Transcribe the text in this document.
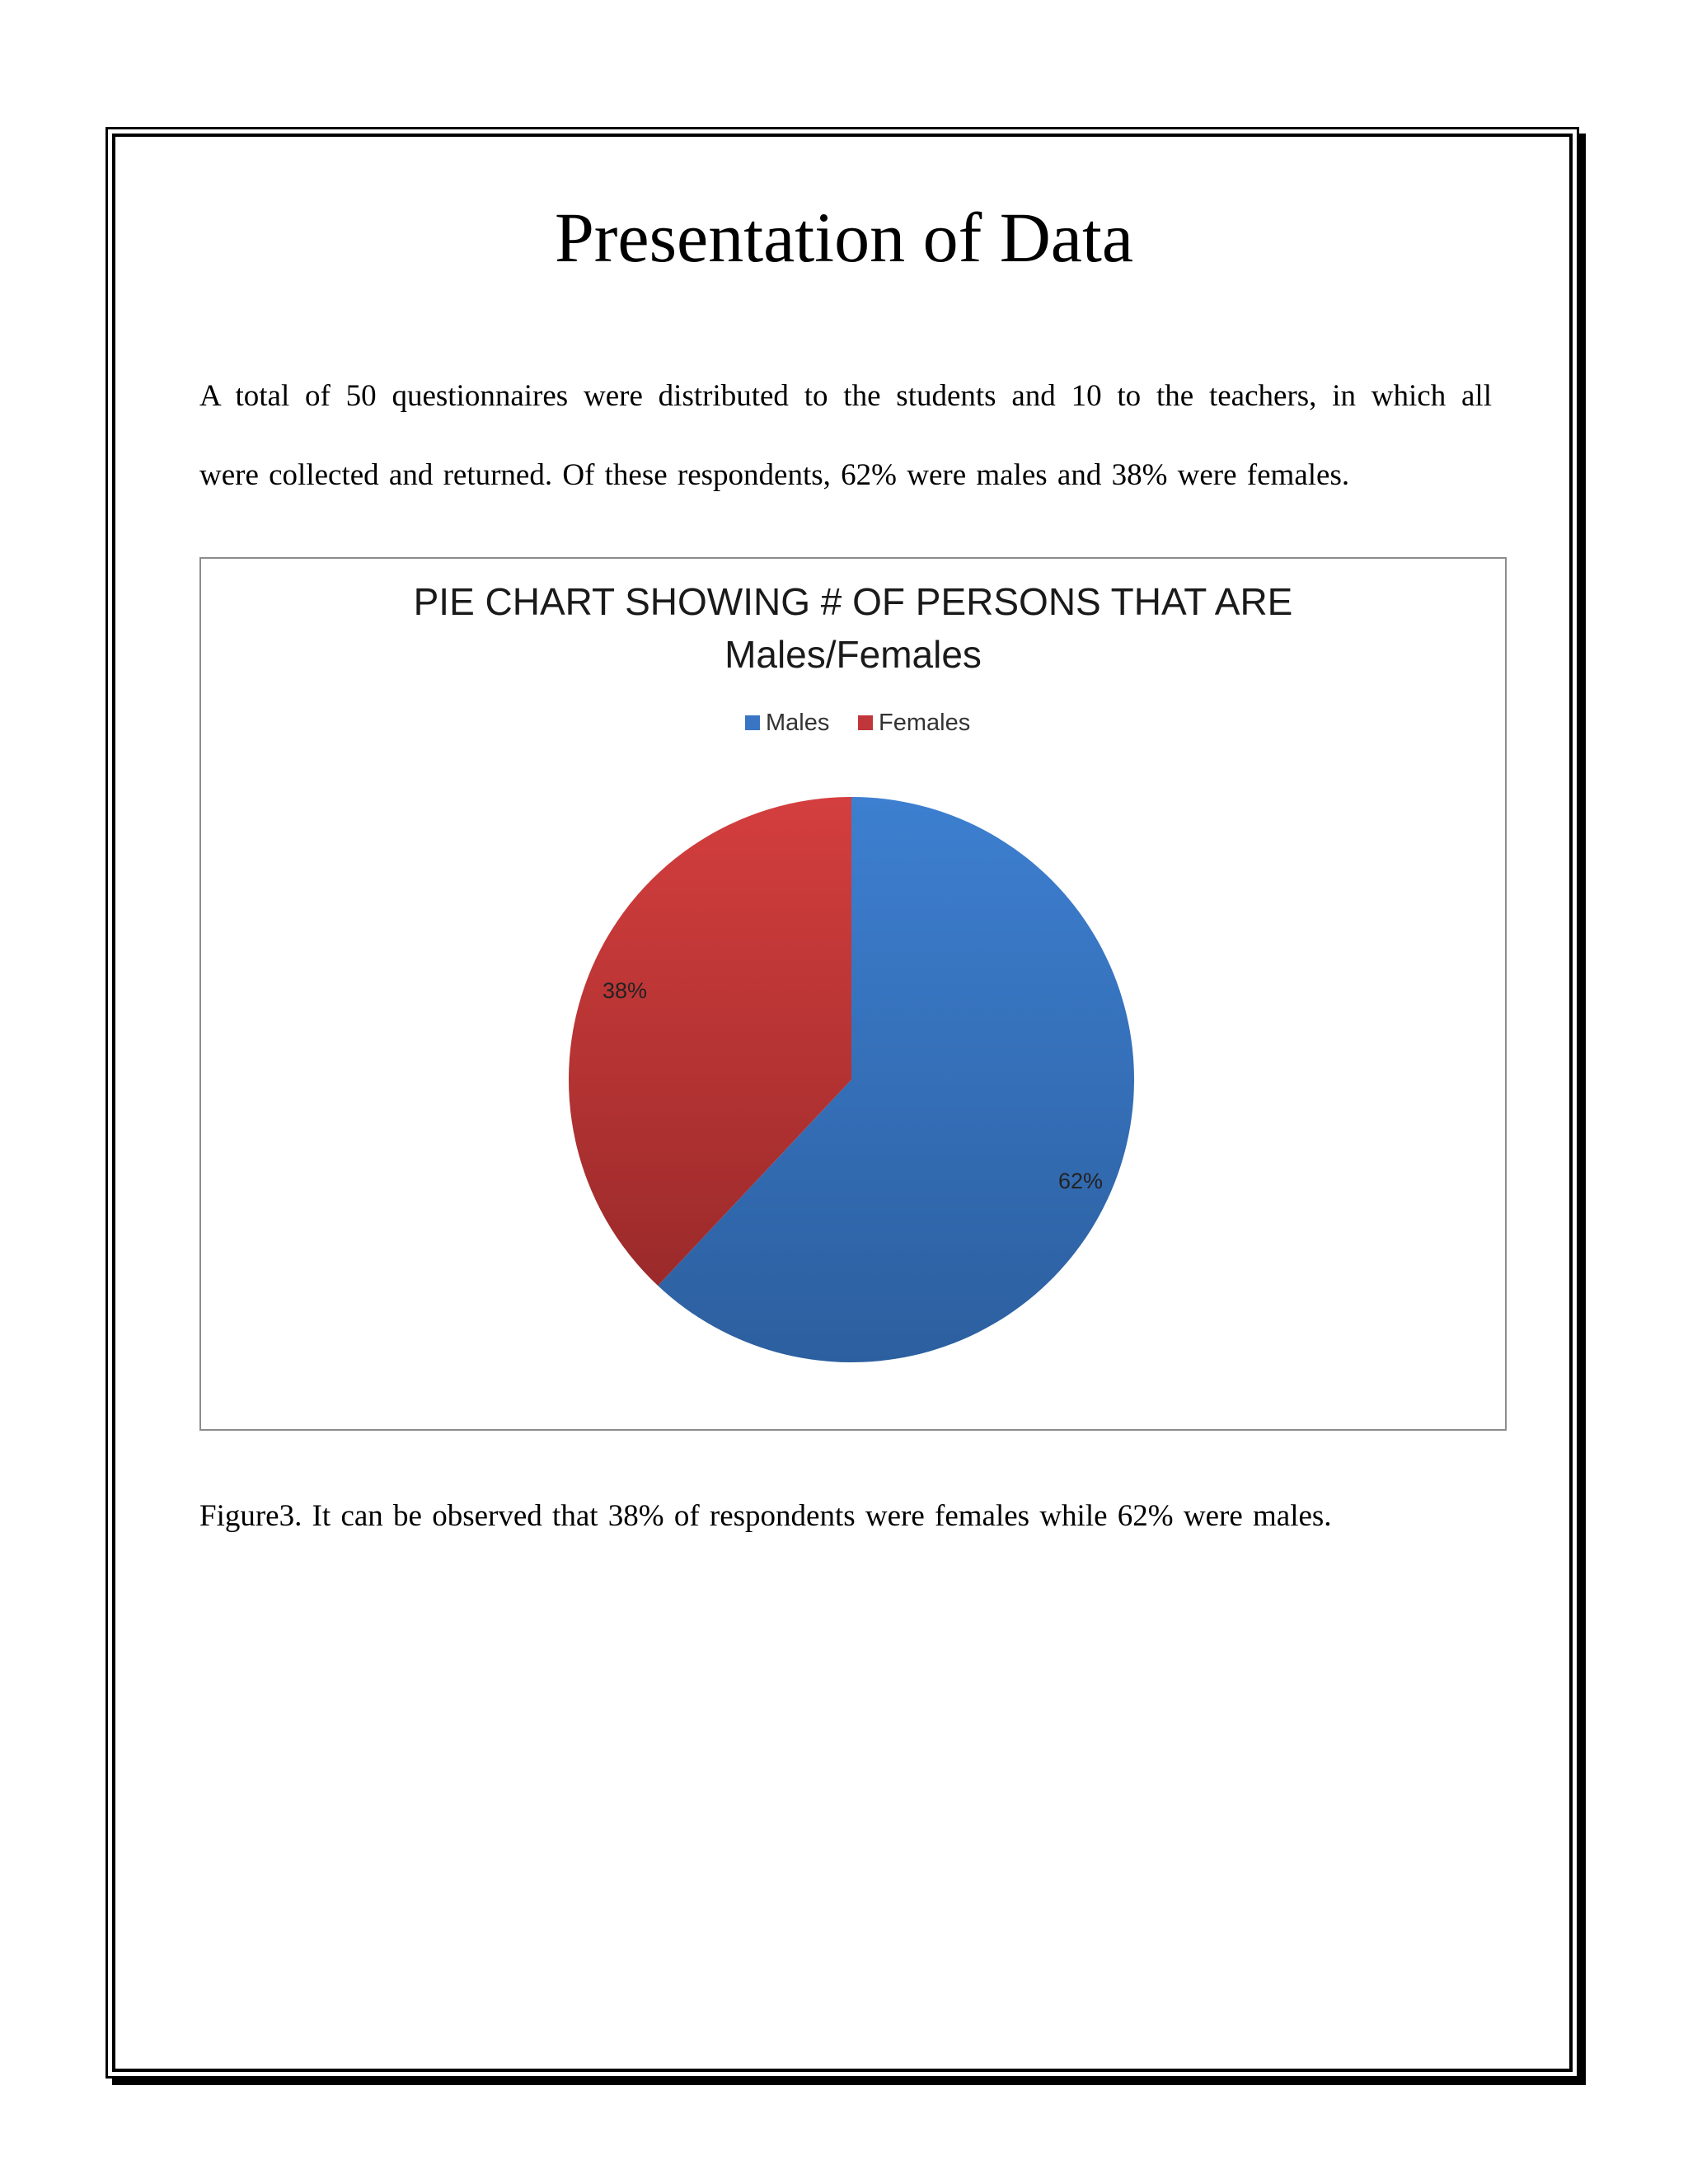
Presentation of Data
A total of 50 questionnaires were distributed to the students and 10 to the teachers, in which all
were collected and returned. Of these respondents, 62% were males and 38% were females.
PIE CHART SHOWING # OF PERSONS THAT ARE
Males/Females
Males Females
62%
38%
Figure3. It can be observed that 38% of respondents were females while 62% were males.
